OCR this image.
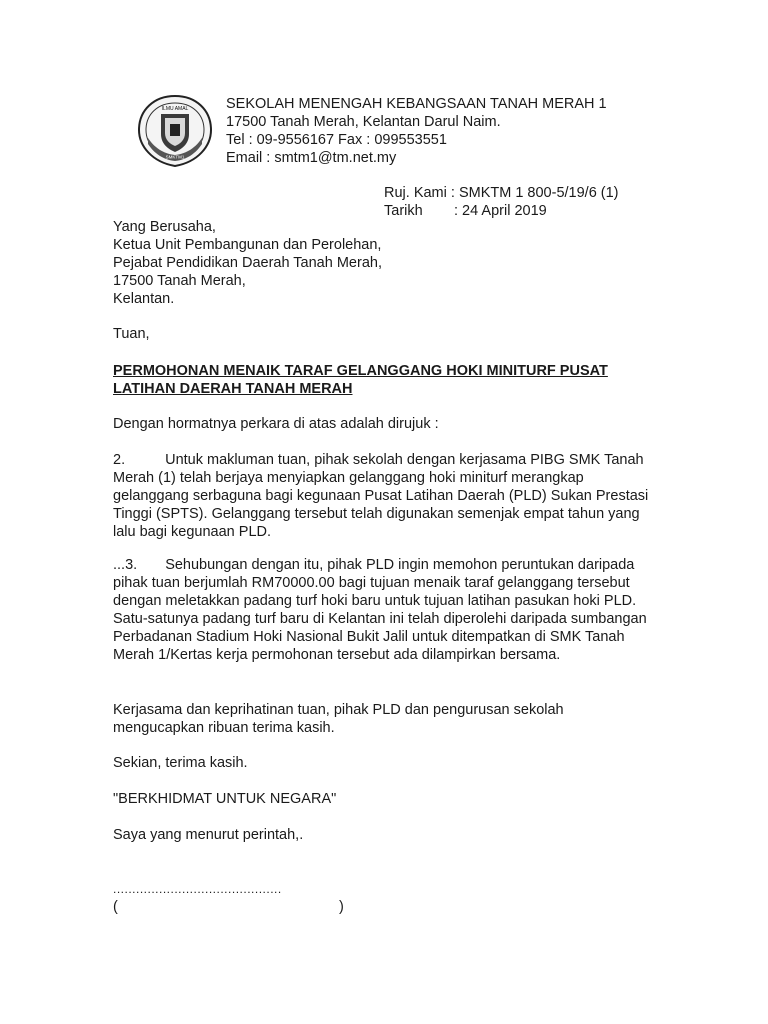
ILMU AMAL
SMKTM1
SEKOLAH MENENGAH KEBANGSAAN TANAH MERAH 1
17500 Tanah Merah, Kelantan Darul Naim.
Tel : 09-9556167 Fax : 099553551
Email : smtm1@tm.net.my
Ruj. Kami : SMKTM 1 800-5/19/6 (1)
Tarikh : 24 April 2019
Yang Berusaha,
Ketua Unit Pembangunan dan Perolehan,
Pejabat Pendidikan Daerah Tanah Merah,
17500 Tanah Merah,
Kelantan.
Tuan,
PERMOHONAN MENAIK TARAF GELANGGANG HOKI MINITURF PUSAT
LATIHAN DAERAH TANAH MERAH
Dengan hormatnya perkara di atas adalah dirujuk :
2.	Untuk makluman tuan, pihak sekolah dengan kerjasama PIBG SMK Tanah Merah (1) telah berjaya menyiapkan gelanggang hoki miniturf merangkap gelanggang serbaguna bagi kegunaan Pusat Latihan Daerah (PLD) Sukan Prestasi Tinggi (SPTS). Gelanggang tersebut telah digunakan semenjak empat tahun yang lalu bagi kegunaan PLD.
...3. Sehubungan dengan itu, pihak PLD ingin memohon peruntukan daripada pihak tuan berjumlah RM70000.00 bagi tujuan menaik taraf gelanggang tersebut dengan meletakkan padang turf hoki baru untuk tujuan latihan pasukan hoki PLD. Satu-satunya padang turf baru di Kelantan ini telah diperolehi daripada sumbangan Perbadanan Stadium Hoki Nasional Bukit Jalil untuk ditempatkan di SMK Tanah Merah 1/Kertas kerja permohonan tersebut ada dilampirkan bersama.
Kerjasama dan keprihatinan tuan, pihak PLD dan pengurusan sekolah mengucapkan ribuan terima kasih.
Sekian, terima kasih.
"BERKHIDMAT UNTUK NEGARA"
Saya yang menurut perintah,.
............................................
(	)
